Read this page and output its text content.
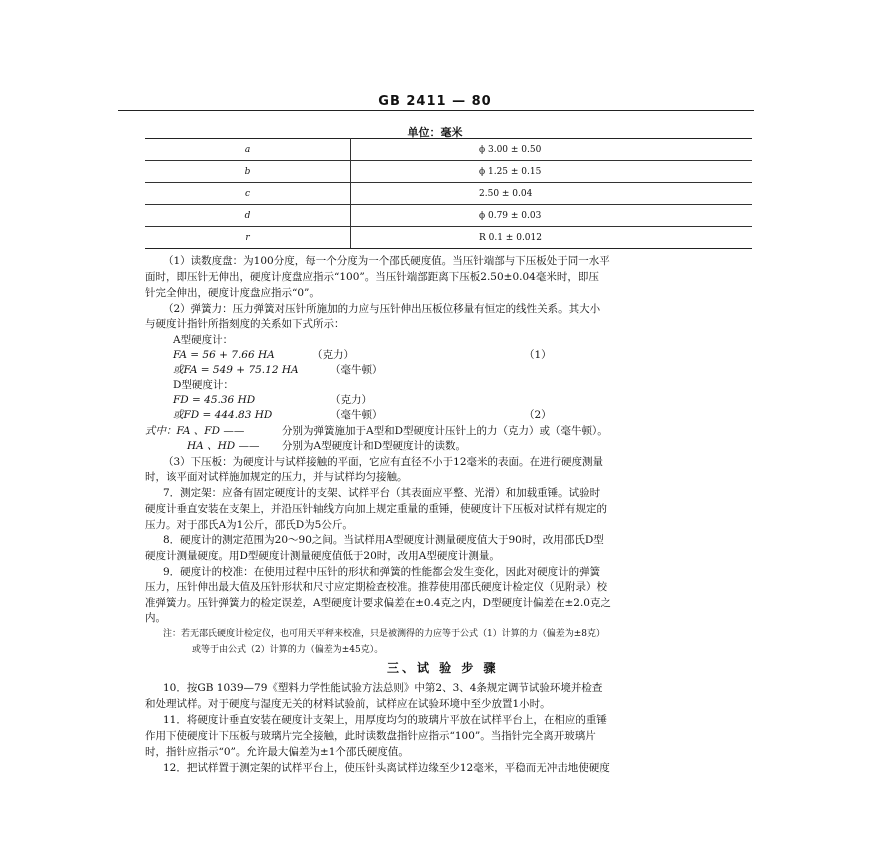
GB 2411 — 80
单位：毫米
a	ϕ 3.00 ± 0.50
b	ϕ 1.25 ± 0.15
c	2.50 ± 0.04
d	ϕ 0.79 ± 0.03
r	R 0.1 ± 0.012
（1）读数度盘：为100分度，每一个分度为一个邵氏硬度值。当压针端部与下压板处于同一水平
面时，即压针无伸出，硬度计度盘应指示“100”。当压针端部距离下压板2.50±0.04毫米时，即压
针完全伸出，硬度计度盘应指示“0”。
（2）弹簧力：压力弹簧对压针所施加的力应与压针伸出压板位移量有恒定的线性关系。其大小
与硬度计指针所指刻度的关系如下式所示：
A型硬度计：
FA = 56 + 7.66 HA	（克力）	（1）
或FA = 549 + 75.12 HA	（毫牛顿）
D型硬度计：
FD = 45.36 HD	（克力）
或FD = 444.83 HD	（毫牛顿）	（2）
式中：FA 、FD ——	分别为弹簧施加于A型和D型硬度计压针上的力（克力）或（毫牛顿）。
HA 、HD —— 分别为A型硬度计和D型硬度计的读数。
（3）下压板：为硬度计与试样接触的平面，它应有直径不小于12毫米的表面。在进行硬度测量
时，该平面对试样施加规定的压力，并与试样均匀接触。
7．测定架：应备有固定硬度计的支架、试样平台（其表面应平整、光滑）和加载重锤。试验时
硬度计垂直安装在支架上，并沿压针轴线方向加上规定重量的重锤，使硬度计下压板对试样有规定的
压力。对于邵氏A为1公斤，邵氏D为5公斤。
8．硬度计的测定范围为20～90之间。当试样用A型硬度计测量硬度值大于90时，改用邵氏D型
硬度计测量硬度。用D型硬度计测量硬度值低于20时，改用A型硬度计测量。
9．硬度计的校准：在使用过程中压针的形状和弹簧的性能都会发生变化，因此对硬度计的弹簧
压力，压针伸出最大值及压针形状和尺寸应定期检查校准。推荐使用邵氏硬度计检定仪（见附录）校
准弹簧力。压针弹簧力的检定误差，A型硬度计要求偏差在±0.4克之内，D型硬度计偏差在±2.0克之
内。
注：若无邵氏硬度计检定仪，也可用天平秤来校准，只是被测得的力应等于公式（1）计算的力（偏差为±8克）
或等于由公式（2）计算的力（偏差为±45克）。
三、试 验 步 骤
10．按GB 1039—79《塑料力学性能试验方法总则》中第2、3、4条规定调节试验环境并检查
和处理试样。对于硬度与湿度无关的材料试验前，试样应在试验环境中至少放置1小时。
11．将硬度计垂直安装在硬度计支架上，用厚度均匀的玻璃片平放在试样平台上，在相应的重锤
作用下使硬度计下压板与玻璃片完全接触，此时读数盘指针应指示“100”。当指针完全离开玻璃片
时，指针应指示“0”。允许最大偏差为±1个邵氏硬度值。
12．把试样置于测定架的试样平台上，使压针头离试样边缘至少12毫米，平稳而无冲击地使硬度
